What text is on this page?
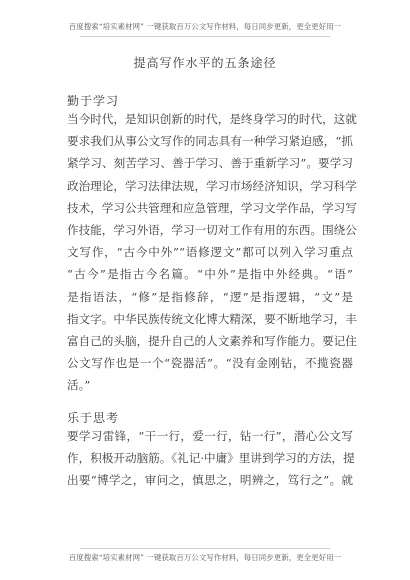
百度搜索“培实素材网” 一键获取百万公文写作材料，每日同步更新，更全更好用一
提高写作水平的五条途径
勤于学习
当今时代，是知识创新的时代，是终身学习的时代，这就
要求我们从事公文写作的同志具有一种学习紧迫感，“抓
紧学习、刻苦学习、善于学习、善于重新学习”。要学习
政治理论，学习法律法规，学习市场经济知识，学习科学
技术，学习公共管理和应急管理，学习文学作品，学习写
作技能，学习外语，学习一切对工作有用的东西。围绕公
文写作，“古今中外”“语修逻文”都可以列入学习重点
“古今”是指古今名篇。“中外”是指中外经典。“语”
是指语法，“修”是指修辞，“逻”是指逻辑，“文”是
指文字。中华民族传统文化博大精深，要不断地学习，丰
富自己的头脑，提升自己的人文素养和写作能力。要记住
公文写作也是一个“瓷器活”。“没有金刚钻，不揽瓷器
活。”
乐于思考
要学习雷锋，“干一行，爱一行，钻一行”，潜心公文写
作，积极开动脑筋。《礼记·中庸》里讲到学习的方法，提
出要“博学之，审问之，慎思之，明辨之，笃行之”。就
百度搜索“培实素材网” 一键获取百万公文写作材料，每日同步更新，更全更好用一
